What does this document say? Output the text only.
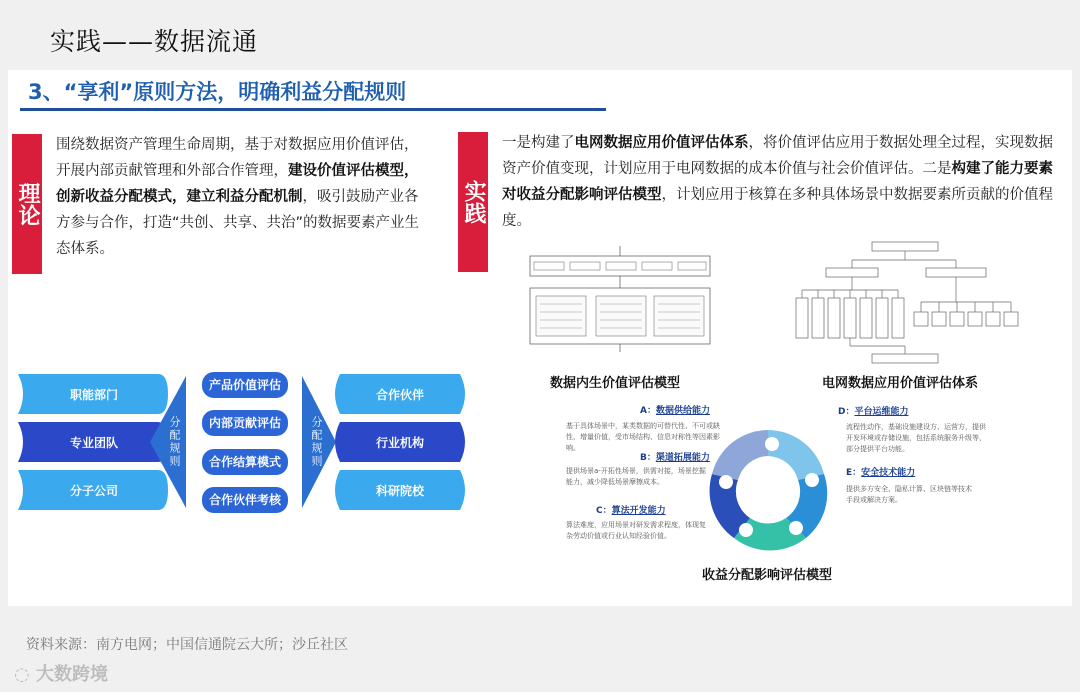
实践——数据流通
3、“享利”原则方法，明确利益分配规则
理论
围绕数据资产管理生命周期，基于对数据应用价值评估，开展内部贡献管理和外部合作管理，建设价值评估模型，创新收益分配模式，建立利益分配机制，吸引鼓励产业各方参与合作，打造“共创、共享、共治”的数据要素产业生态体系。
实践
一是构建了电网数据应用价值评估体系，将价值评估应用于数据处理全过程，实现数据资产价值变现，计划应用于电网数据的成本价值与社会价值评估。二是构建了能力要素对收益分配影响评估模型，计划应用于核算在多种具体场景中数据要素所贡献的价值程度。
数据内生价值评估模型	电网数据应用价值评估体系
职能部门
专业团队
分子公司
分配规则
产品价值评估
内部贡献评估
合作结算模式
合作伙伴考核
分配规则
合作伙伴
行业机构
科研院校
A：数据供给能力
基于具体场景中，某类数据的可替代性、不可或缺性、增量价值，受市场结构、信息对称性等因素影响。
B：渠道拓展能力
提供场景a-开拓性场景，供需对接，场景挖掘能力，减少降低场景摩擦成本。
C：算法开发能力
算法难度，应用场景对研发需求程度，体现复杂劳动价值或行业认知经验价值。
D：平台运维能力
流程性动作，基础设施建设方、运营方，提供开发环境或存储设施，包括系统服务升级等，部分提供平台功能。
E：安全技术能力
提供多方安全、隐私计算、区块链等技术手段或解决方案。
收益分配影响评估模型
资料来源：南方电网；中国信通院云大所；沙丘社区
◌ 大数跨境
